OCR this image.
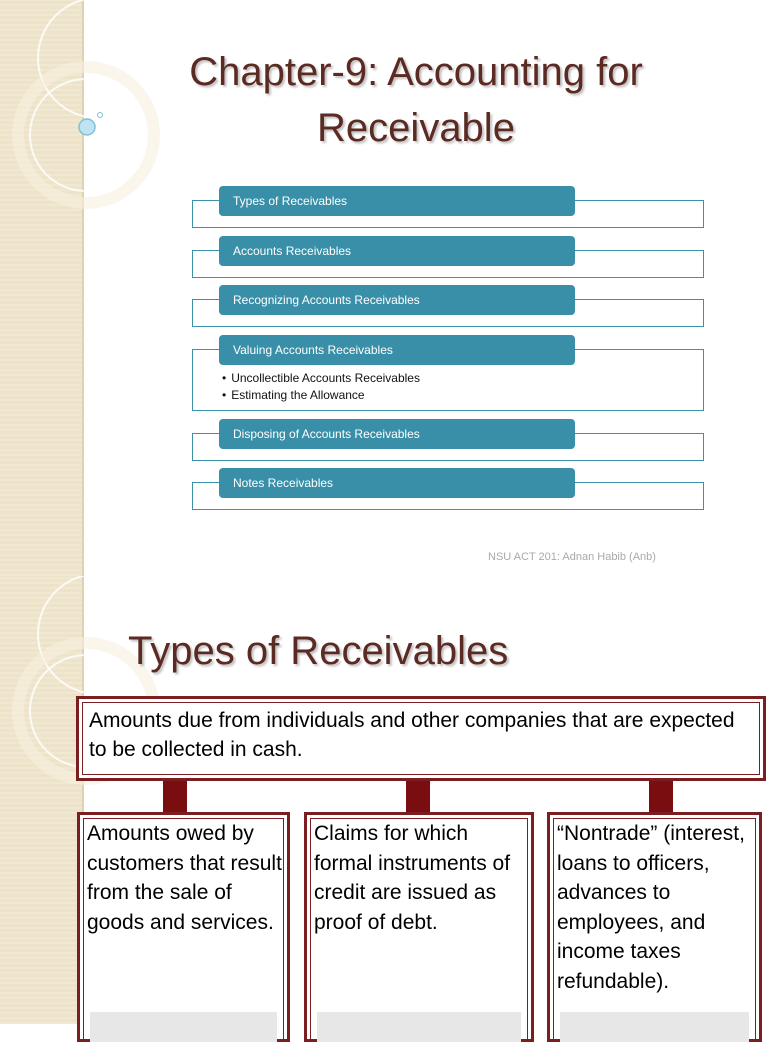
Chapter-9: Accounting for Receivable
Types of Receivables
Accounts Receivables
Recognizing Accounts Receivables
Valuing Accounts Receivables
• Uncollectible Accounts Receivables
• Estimating the Allowance
Disposing of Accounts Receivables
Notes Receivables
NSU ACT 201: Adnan Habib (Anb)
Types of Receivables
Amounts due from individuals and other companies that are expected to be collected in cash.
Amounts owed by customers that result from the sale of goods and services.
Claims for which formal instruments of credit are issued as proof of debt.
“Nontrade” (interest, loans to officers, advances to employees, and income taxes refundable).
